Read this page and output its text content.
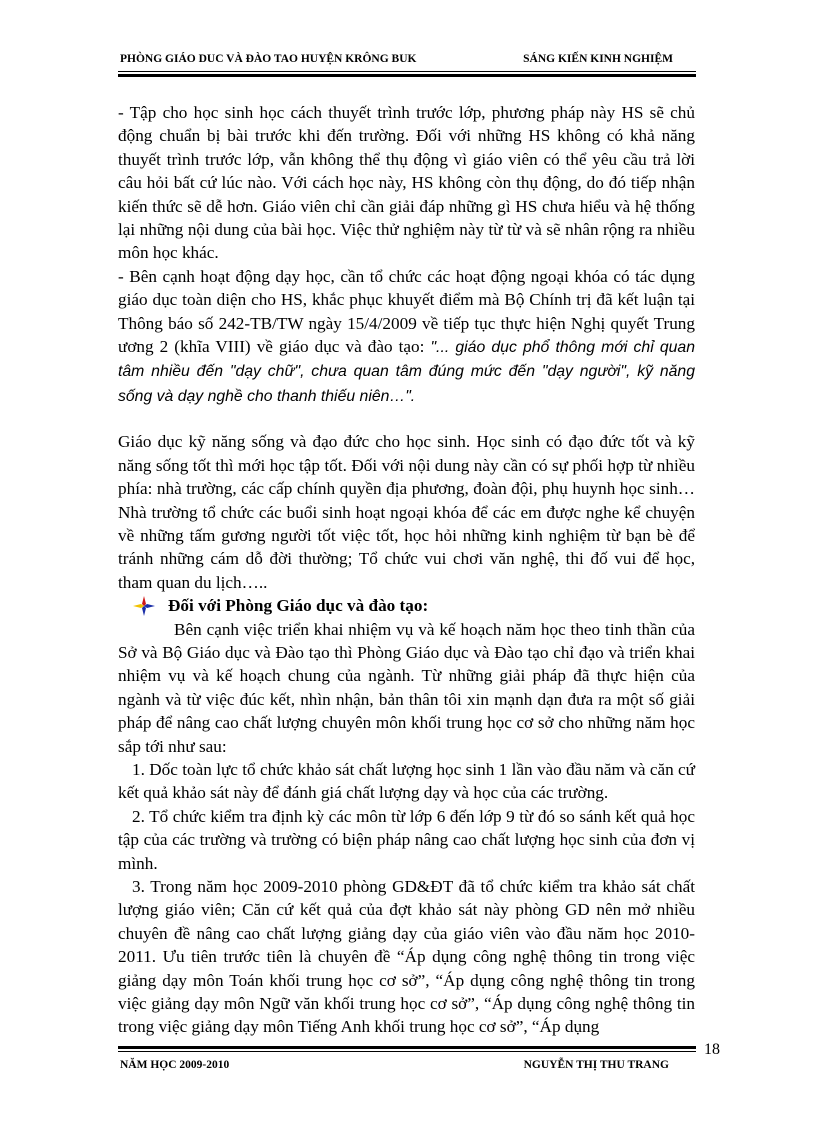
PHÒNG GIÁO DUC VÀ ĐÀO TAO HUYỆN KRÔNG BUK	SÁNG KIẾN KINH NGHIỆM

- Tập cho học sinh học cách thuyết trình trước lớp, phương pháp này HS sẽ chủ động chuẩn bị bài trước khi đến trường. Đối với những HS không có khả năng thuyết trình trước lớp, vẫn không thể thụ động vì giáo viên có thể yêu cầu trả lời câu hỏi bất cứ lúc nào. Với cách học này, HS không còn thụ động, do đó tiếp nhận kiến thức sẽ dễ hơn. Giáo viên chỉ cần giải đáp những gì HS chưa hiểu và hệ thống lại những nội dung của bài học. Việc thử nghiệm này từ từ và sẽ nhân rộng ra nhiều môn học khác.

- Bên cạnh hoạt động dạy học, cần tổ chức các hoạt động ngoại khóa có tác dụng giáo dục toàn diện cho HS, khắc phục khuyết điểm mà Bộ Chính trị đã kết luận tại Thông báo số 242-TB/TW ngày 15/4/2009 về tiếp tục thực hiện Nghị quyết Trung ương 2 (khĩa VIII) về giáo dục và đào tạo: "... giáo dục phổ thông mới chỉ quan tâm nhiều đến "dạy chữ", chưa quan tâm đúng mức đến "dạy người", kỹ năng sống và dạy nghề cho thanh thiếu niên…".

Giáo dục kỹ năng sống và đạo đức cho học sinh. Học sinh có đạo đức tốt và kỹ năng sống tốt thì mới học tập tốt. Đối với nội dung này cần có sự phối hợp từ nhiều phía: nhà trường, các cấp chính quyền địa phương, đoàn đội, phụ huynh học sinh…Nhà trường tổ chức các buổi sinh hoạt ngoại khóa để các em được nghe kể chuyện về những tấm gương người tốt việc tốt, học hỏi những kinh nghiệm từ bạn bè để tránh những cám dỗ đời thường; Tổ chức vui chơi văn nghệ, thi đố vui để học, tham quan du lịch…..

Đối với Phòng Giáo dục và đào tạo:

Bên cạnh việc triển khai nhiệm vụ và kế hoạch năm học theo tinh thần của Sở và Bộ Giáo dục và Đào tạo thì Phòng Giáo dục và Đào tạo chỉ đạo và triển khai nhiệm vụ và kế hoạch chung của ngành. Từ những giải pháp đã thực hiện của ngành và từ việc đúc kết, nhìn nhận, bản thân tôi xin mạnh dạn đưa ra một số giải pháp để nâng cao chất lượng chuyên môn khối trung học cơ sở cho những năm học sắp tới như sau:

1. Dốc toàn lực tổ chức khảo sát chất lượng học sinh 1 lần vào đầu năm và căn cứ kết quả khảo sát này để đánh giá chất lượng dạy và học của các trường.

2. Tổ chức kiểm tra định kỳ các môn từ lớp 6 đến lớp 9 từ đó so sánh kết quả học tập của các trường và trường có biện pháp nâng cao chất lượng học sinh của đơn vị mình.

3. Trong năm học 2009-2010 phòng GD&ĐT đã tổ chức kiểm tra khảo sát chất lượng giáo viên; Căn cứ kết quả của đợt khảo sát này phòng GD nên mở nhiều chuyên đề nâng cao chất lượng giảng dạy của giáo viên vào đầu năm học 2010-2011. Ưu tiên trước tiên là chuyên đề “Áp dụng công nghệ thông tin trong việc giảng dạy môn Toán khối trung học cơ sở”, “Áp dụng công nghệ thông tin trong việc giảng dạy môn Ngữ văn khối trung học cơ sở”, “Áp dụng công nghệ thông tin trong việc giảng dạy môn Tiếng Anh khối trung học cơ sở”, “Áp dụng

18
NĂM HỌC 2009-2010	NGUYỄN THỊ THU TRANG
